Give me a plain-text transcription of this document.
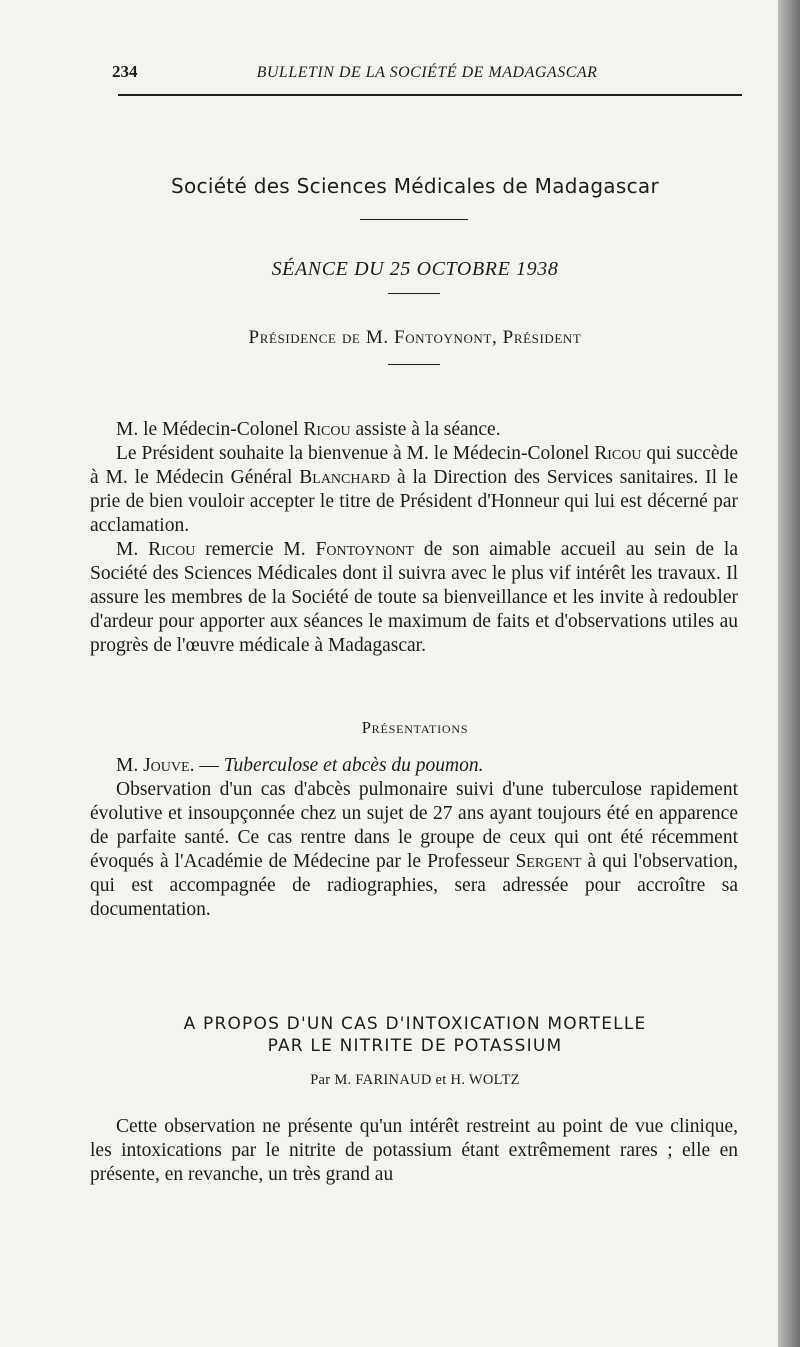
234	BULLETIN DE LA SOCIÉTÉ DE MADAGASCAR
Société des Sciences Médicales de Madagascar
SÉANCE DU 25 OCTOBRE 1938
Présidence de M. Fontoynont, Président

M. le Médecin-Colonel Ricou assiste à la séance.

Le Président souhaite la bienvenue à M. le Médecin-Colonel Ricou qui succède à M. le Médecin Général Blanchard à la Direction des Services sanitaires. Il le prie de bien vouloir accepter le titre de Président d'Honneur qui lui est décerné par acclamation.

M. Ricou remercie M. Fontoynont de son aimable accueil au sein de la Société des Sciences Médicales dont il suivra avec le plus vif intérêt les travaux. Il assure les membres de la Société de toute sa bienveillance et les invite à redoubler d'ardeur pour apporter aux séances le maximum de faits et d'observations utiles au progrès de l'œuvre médicale à Madagascar.

Présentations

M. Jouve. — Tuberculose et abcès du poumon.

Observation d'un cas d'abcès pulmonaire suivi d'une tuberculose rapidement évolutive et insoupçonnée chez un sujet de 27 ans ayant toujours été en apparence de parfaite santé. Ce cas rentre dans le groupe de ceux qui ont été récemment évoqués à l'Académie de Médecine par le Professeur Sergent à qui l'observation, qui est accompagnée de radiographies, sera adressée pour accroître sa documentation.

A PROPOS D'UN CAS D'INTOXICATION MORTELLE
PAR LE NITRITE DE POTASSIUM
Par M. FARINAUD et H. WOLTZ

Cette observation ne présente qu'un intérêt restreint au point de vue clinique, les intoxications par le nitrite de potassium étant extrêmement rares ; elle en présente, en revanche, un très grand au
